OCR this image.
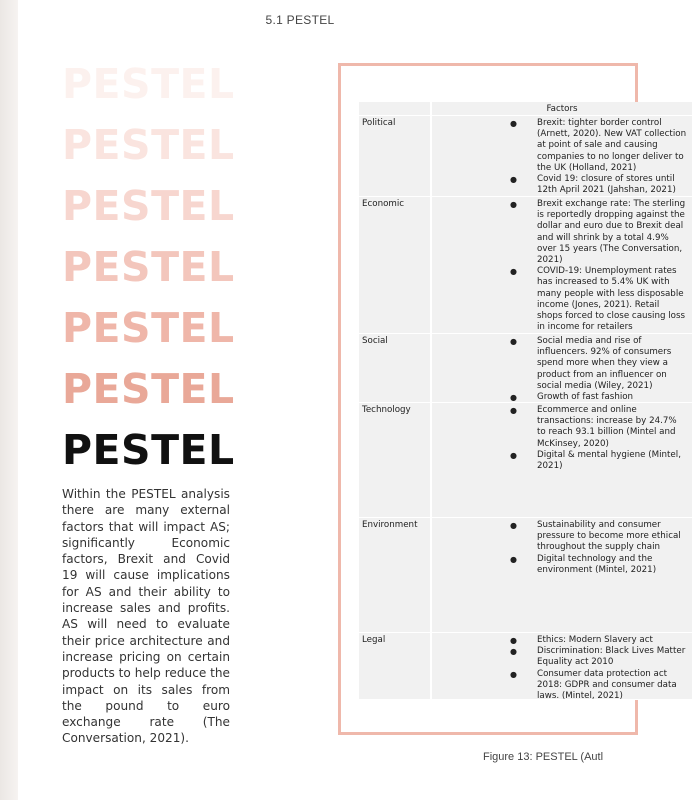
5.1 PESTEL
PESTEL
PESTEL
PESTEL
PESTEL
PESTEL
PESTEL
PESTEL
Within the PESTEL analysis there are many external factors that will impact AS; significantly Economic factors, Brexit and Covid 19 will cause implications for AS and their ability to increase sales and profits. AS will need to evaluate their price architecture and increase pricing on certain products to help reduce the impact on its sales from the pound to euro exchange rate (The Conversation, 2021).
Factors
Political	● Brexit: tighter border control (Arnett, 2020). New VAT collection at point of sale and causing companies to no longer deliver to the UK (Holland, 2021)
● Covid 19: closure of stores until 12th April 2021 (Jahshan, 2021)
Economic	● Brexit exchange rate: The sterling is reportedly dropping against the dollar and euro due to Brexit deal and will shrink by a total 4.9% over 15 years (The Conversation, 2021)
● COVID-19: Unemployment rates has increased to 5.4% UK with many people with less disposable income (Jones, 2021). Retail shops forced to close causing loss in income for retailers
Social	● Social media and rise of influencers. 92% of consumers spend more when they view a product from an influencer on social media (Wiley, 2021)
● Growth of fast fashion
Technology	● Ecommerce and online transactions: increase by 24.7% to reach 93.1 billion (Mintel and McKinsey, 2020)
● Digital & mental hygiene (Mintel, 2021)
Environment	● Sustainability and consumer pressure to become more ethical throughout the supply chain
● Digital technology and the environment (Mintel, 2021)
Legal	● Ethics: Modern Slavery act
● Discrimination: Black Lives Matter Equality act 2010
● Consumer data protection act 2018: GDPR and consumer data laws. (Mintel, 2021)
Figure 13: PESTEL (Autl
